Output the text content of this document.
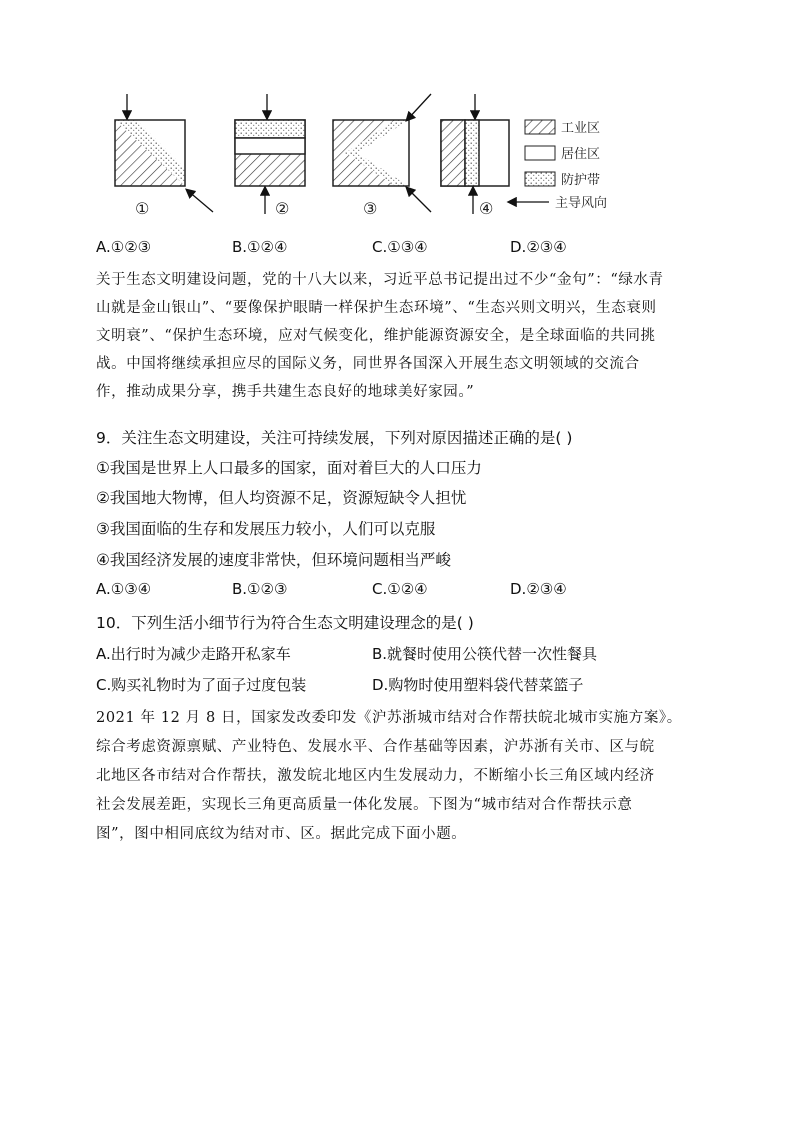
①	②	③	④
工业区
居住区
防护带
主导风向
A.①②③	B.①②④	C.①③④	D.②③④
关于生态文明建设问题，党的十八大以来，习近平总书记提出过不少“金句”：“绿水青
山就是金山银山”、“要像保护眼睛一样保护生态环境”、“生态兴则文明兴，生态衰则
文明衰”、“保护生态环境，应对气候变化，维护能源资源安全，是全球面临的共同挑
战。中国将继续承担应尽的国际义务，同世界各国深入开展生态文明领域的交流合
作，推动成果分享，携手共建生态良好的地球美好家园。”
9．关注生态文明建设，关注可持续发展，下列对原因描述正确的是( )
①我国是世界上人口最多的国家，面对着巨大的人口压力
②我国地大物博，但人均资源不足，资源短缺令人担忧
③我国面临的生存和发展压力较小，人们可以克服
④我国经济发展的速度非常快，但环境问题相当严峻
A.①③④	B.①②③	C.①②④	D.②③④
10．下列生活小细节行为符合生态文明建设理念的是( )
A.出行时为减少走路开私家车	B.就餐时使用公筷代替一次性餐具
C.购买礼物时为了面子过度包装	D.购物时使用塑料袋代替菜篮子
2021 年 12 月 8 日，国家发改委印发《沪苏浙城市结对合作帮扶皖北城市实施方案》。
综合考虑资源禀赋、产业特色、发展水平、合作基础等因素，沪苏浙有关市、区与皖
北地区各市结对合作帮扶，激发皖北地区内生发展动力，不断缩小长三角区域内经济
社会发展差距，实现长三角更高质量一体化发展。下图为“城市结对合作帮扶示意
图”，图中相同底纹为结对市、区。据此完成下面小题。
